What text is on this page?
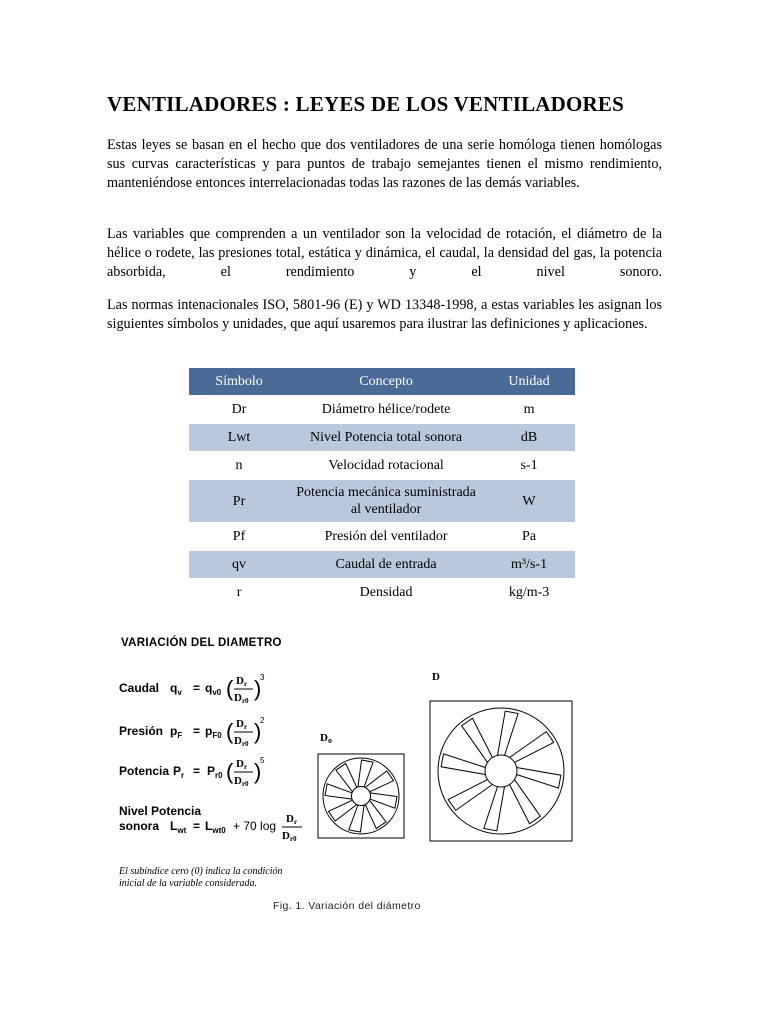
VENTILADORES : LEYES DE LOS VENTILADORES

Estas leyes se basan en el hecho que dos ventiladores de una serie homóloga tienen homólogas sus curvas características y para puntos de trabajo semejantes tienen el mismo rendimiento, manteniéndose entonces interrelacionadas todas las razones de las demás variables.

Las variables que comprenden a un ventilador son la velocidad de rotación, el diámetro de la hélice o rodete, las presiones total, estática y dinámica, el caudal, la densidad del gas, la potencia absorbida, el rendimiento y el nivel sonoro.

Las normas intenacionales ISO, 5801-96 (E) y WD 13348-1998, a estas variables les asignan los siguientes símbolos y unidades, que aquí usaremos para ilustrar las definiciones y aplicaciones.

Símbolo	Concepto	Unidad
Dr	Diámetro hélice/rodete	m
Lwt	Nivel Potencia total sonora	dB
n	Velocidad rotacional	s-1
Pr	Potencia mecánica suministrada al ventilador	W
Pf	Presión del ventilador	Pa
qv	Caudal de entrada	m³/s-1
r	Densidad	kg/m-3
VARIACIÓN DEL DIAMETRO
Caudal $q_v = q_{v0}$ ( Dr
Dr0 )
3
Presión $p_F = p_{F0}$ ( Dr
Dr0 )
2
Potencia $P_r = P_{r0}$ ( Dr
Dr0 )
5
Nivel Potencia
sonora $L_{wt} = L_{wt0} + 70$ log Dr
Dr0
D
Do
El subíndice cero (0) indica la condición
inicial de la variable considerada.
Fig. 1. Variación del diámetro
